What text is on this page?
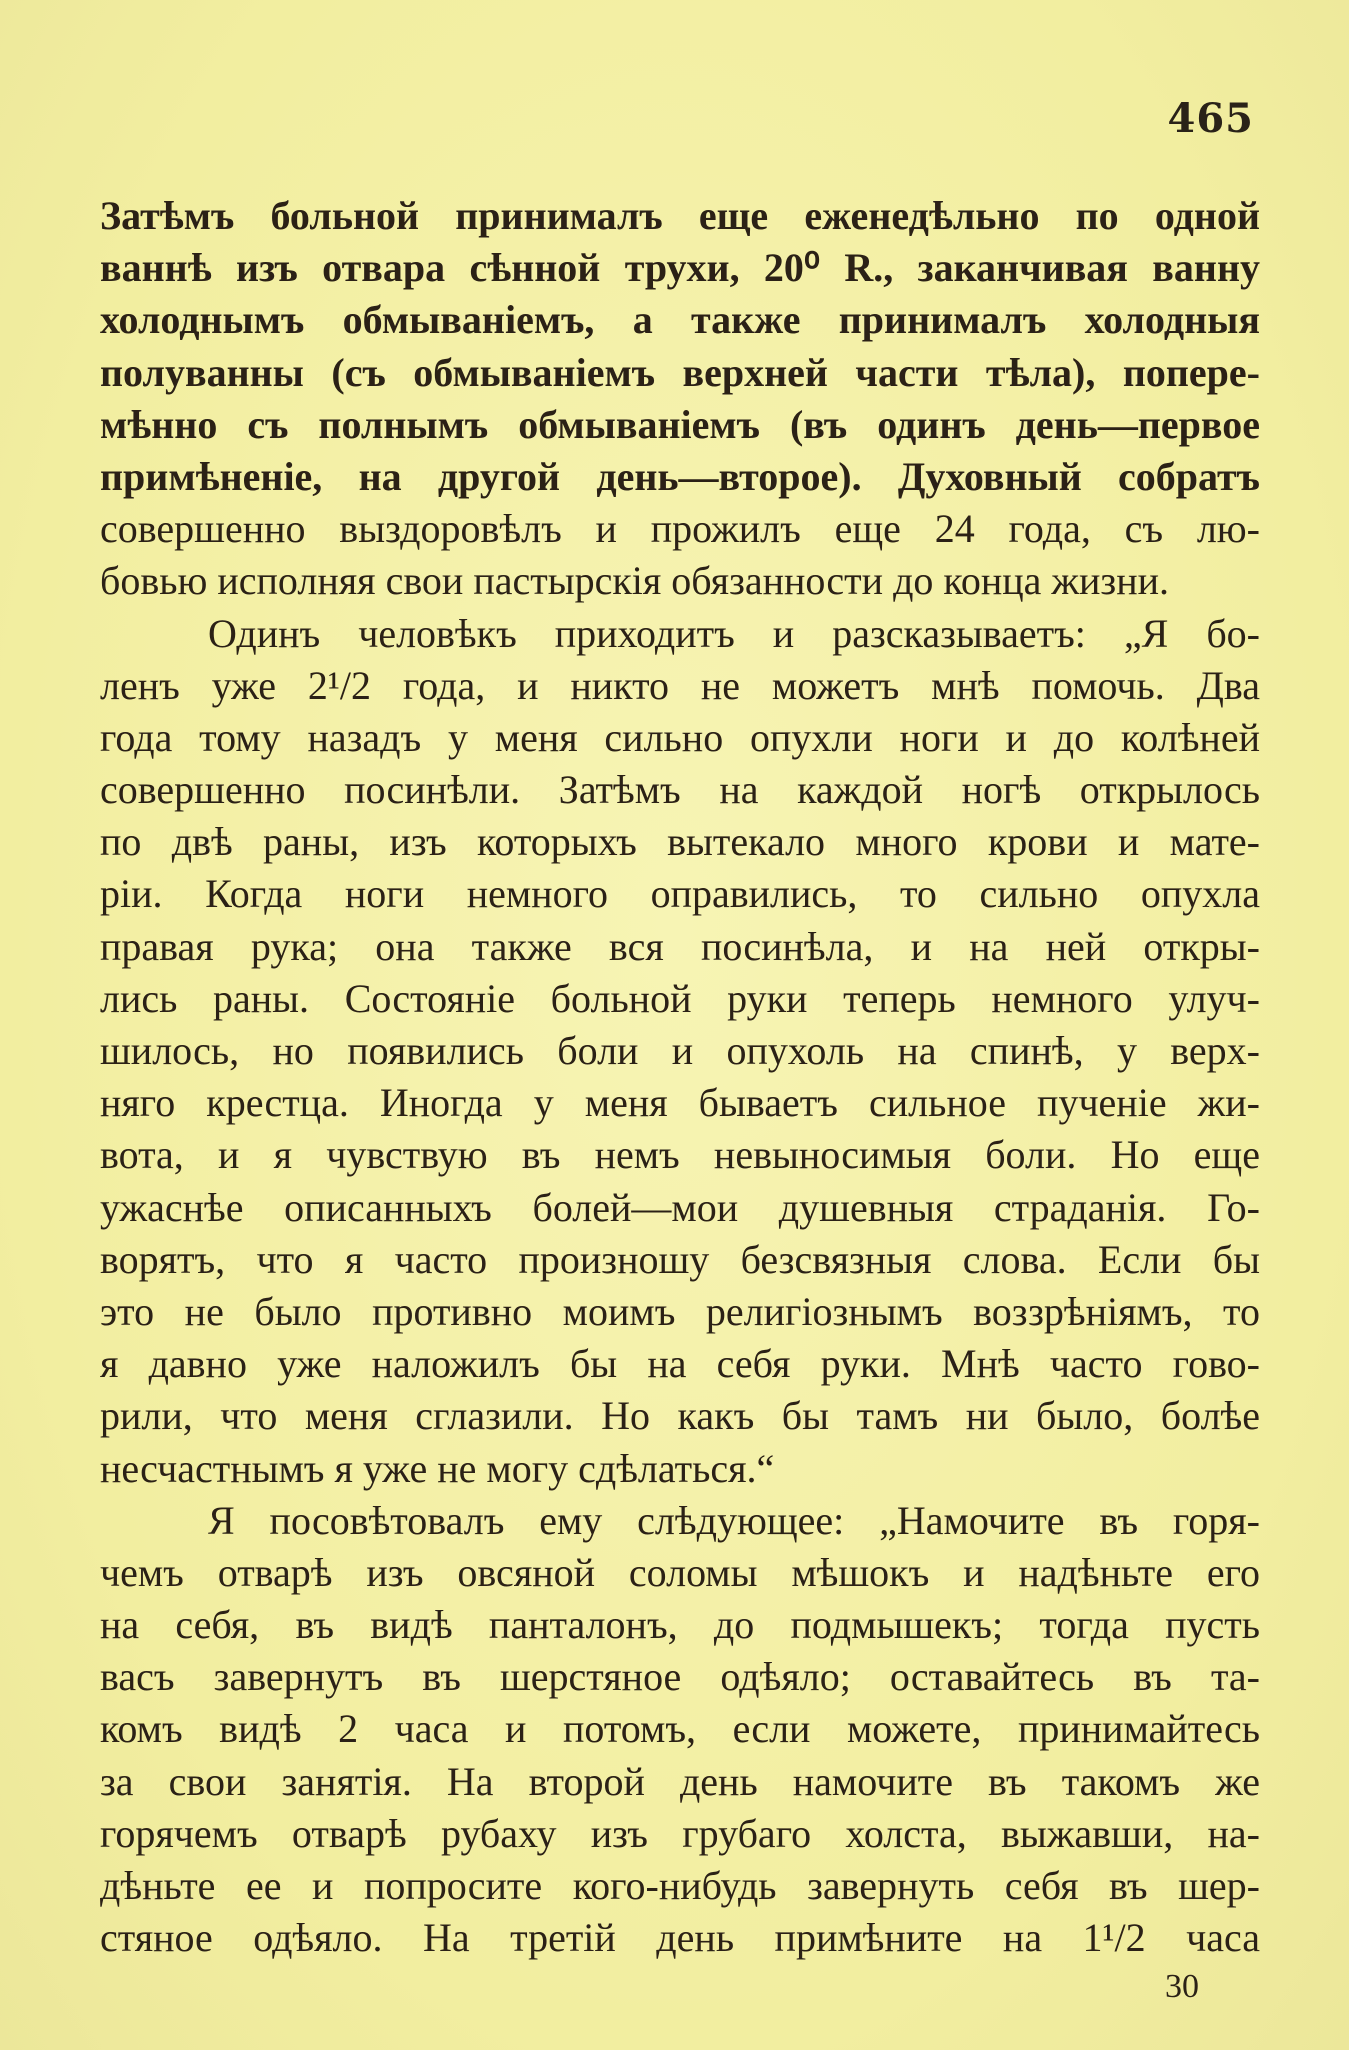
465
Затѣмъ больной принималъ еще еженедѣльно по одной
ваннѣ изъ отвара сѣнной трухи, 20⁰ R., заканчивая ванну
холоднымъ обмываніемъ, а также принималъ холодныя
полуванны (съ обмываніемъ верхней части тѣла), попере-
мѣнно съ полнымъ обмываніемъ (въ одинъ день—первое
примѣненіе, на другой день—второе). Духовный собратъ
совершенно выздоровѣлъ и прожилъ еще 24 года, съ лю-
бовью исполняя свои пастырскія обязанности до конца жизни.
Одинъ человѣкъ приходитъ и разсказываетъ: „Я бо-
ленъ уже 2¹/2 года, и никто не можетъ мнѣ помочь. Два
года тому назадъ у меня сильно опухли ноги и до колѣней
совершенно посинѣли. Затѣмъ на каждой ногѣ открылось
по двѣ раны, изъ которыхъ вытекало много крови и мате-
ріи. Когда ноги немного оправились, то сильно опухла
правая рука; она также вся посинѣла, и на ней откры-
лись раны. Состояніе больной руки теперь немного улуч-
шилось, но появились боли и опухоль на спинѣ, у верх-
няго крестца. Иногда у меня бываетъ сильное пученіе жи-
вота, и я чувствую въ немъ невыносимыя боли. Но еще
ужаснѣе описанныхъ болей—мои душевныя страданія. Го-
ворятъ, что я часто произношу безсвязныя слова. Если бы
это не было противно моимъ религіознымъ воззрѣніямъ, то
я давно уже наложилъ бы на себя руки. Мнѣ часто гово-
рили, что меня сглазили. Но какъ бы тамъ ни было, болѣе
несчастнымъ я уже не могу сдѣлаться.“
Я посовѣтовалъ ему слѣдующее: „Намочите въ горя-
чемъ отварѣ изъ овсяной соломы мѣшокъ и надѣньте его
на себя, въ видѣ панталонъ, до подмышекъ; тогда пусть
васъ завернутъ въ шерстяное одѣяло; оставайтесь въ та-
комъ видѣ 2 часа и потомъ, если можете, принимайтесь
за свои занятія. На второй день намочите въ такомъ же
горячемъ отварѣ рубаху изъ грубаго холста, выжавши, на-
дѣньте ее и попросите кого-нибудь завернуть себя въ шер-
стяное одѣяло. На третій день примѣните на 1¹/2 часа
30
